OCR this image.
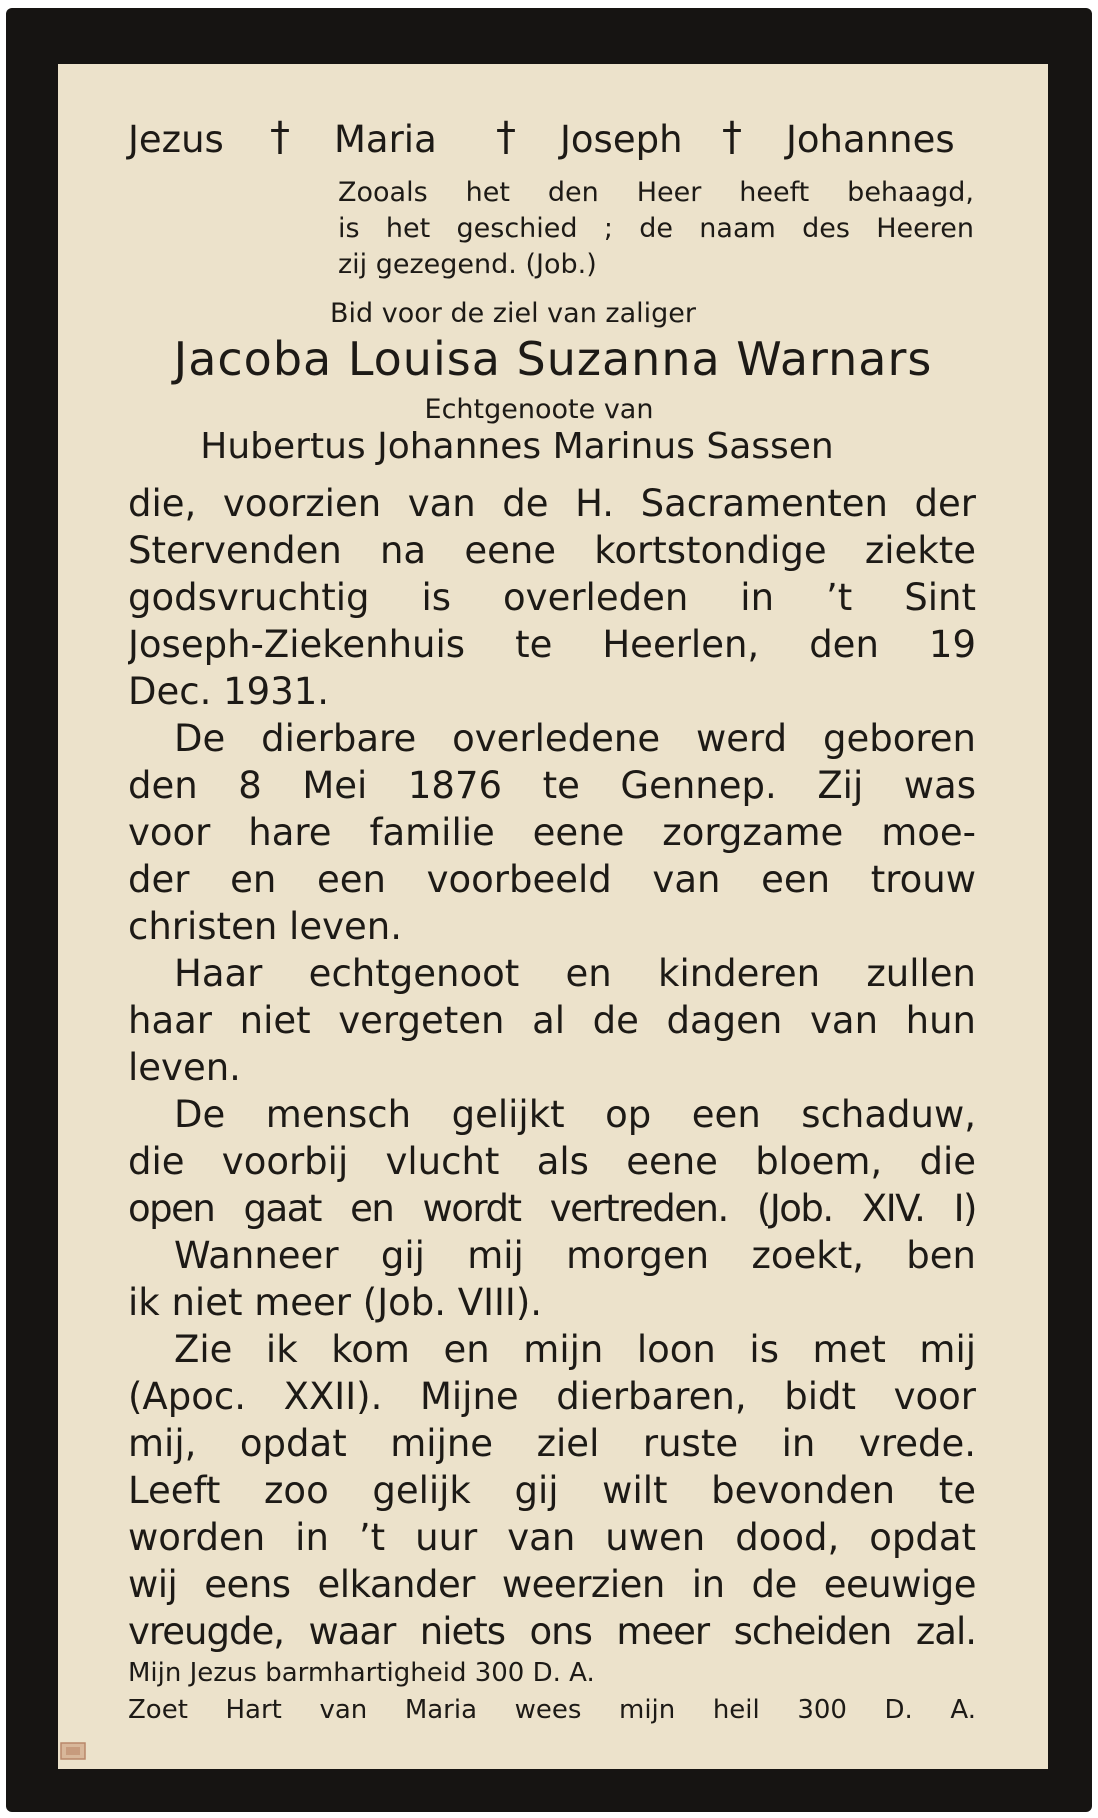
Jezus † Maria † Joseph † Johannes
Zooals het den Heer heeft behaagd,
is het geschied ; de naam des Heeren
zij gezegend. (Job.)
Bid voor de ziel van zaliger
Jacoba Louisa Suzanna Warnars
Echtgenoote van
Hubertus Johannes Marinus Sassen
die, voorzien van de H. Sacramenten der
Stervenden na eene kortstondige ziekte
godsvruchtig is overleden in ’t Sint
Joseph-Ziekenhuis te Heerlen, den 19
Dec. 1931.
De dierbare overledene werd geboren
den 8 Mei 1876 te Gennep. Zij was
voor hare familie eene zorgzame moe-
der en een voorbeeld van een trouw
christen leven.
Haar echtgenoot en kinderen zullen
haar niet vergeten al de dagen van hun
leven.
De mensch gelijkt op een schaduw,
die voorbij vlucht als eene bloem, die
open gaat en wordt vertreden. (Job. XIV. I)
Wanneer gij mij morgen zoekt, ben
ik niet meer (Job. VIII).
Zie ik kom en mijn loon is met mij
(Apoc. XXII). Mijne dierbaren, bidt voor
mij, opdat mijne ziel ruste in vrede.
Leeft zoo gelijk gij wilt bevonden te
worden in ’t uur van uwen dood, opdat
wij eens elkander weerzien in de eeuwige
vreugde, waar niets ons meer scheiden zal.
Mijn Jezus barmhartigheid 300 D. A.
Zoet Hart van Maria wees mijn heil 300 D. A.
